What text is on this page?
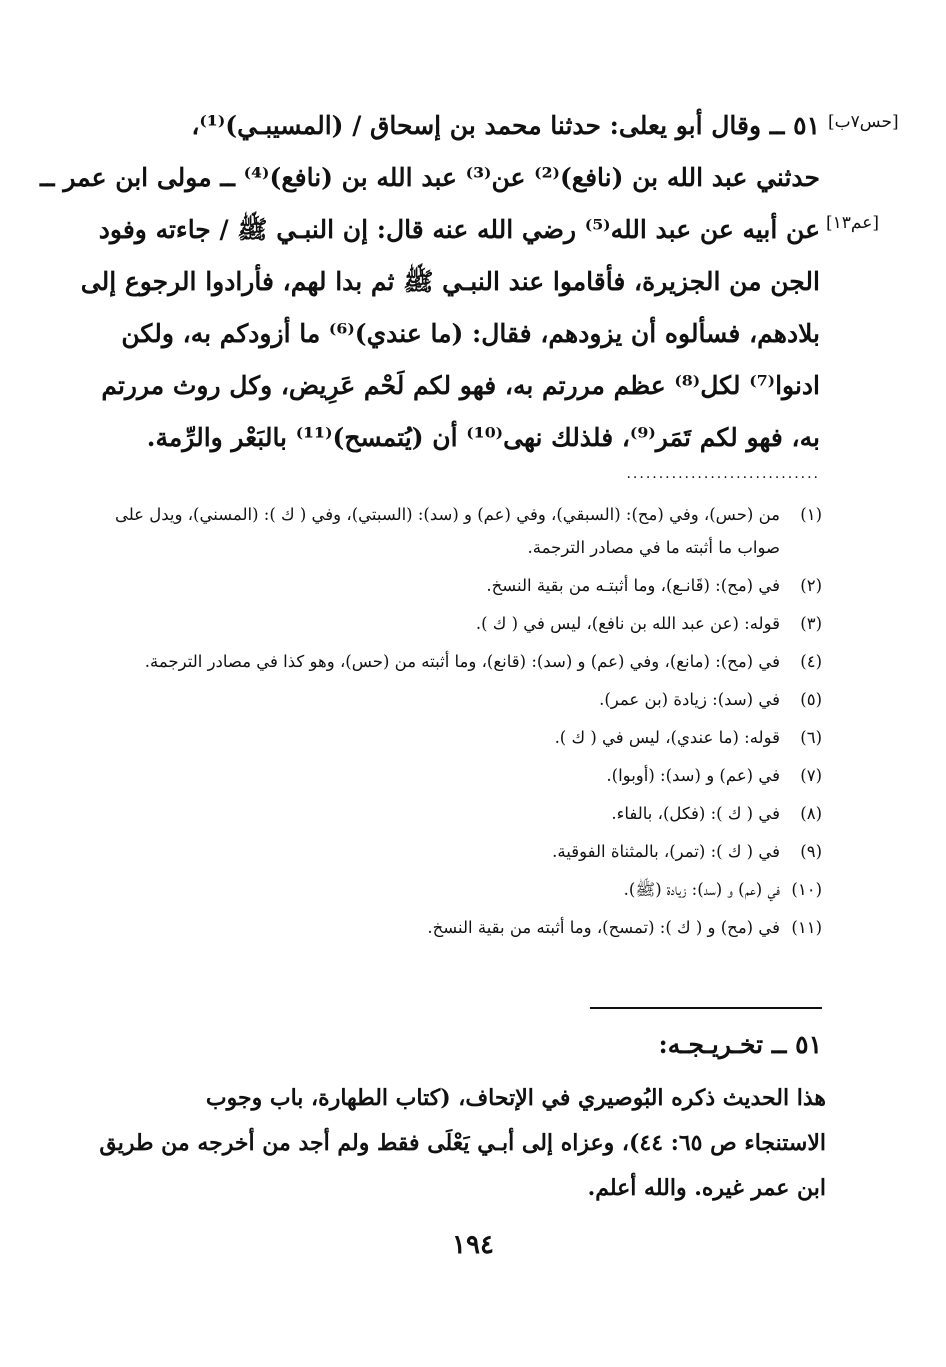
[حس٧ب]
[عم١٣]
٥١ ــ وقال أبو يعلى: حدثنا محمد بن إسحاق / (المسيبـي)⁽¹⁾،
حدثني عبد الله بن (نافع)⁽²⁾ عن⁽³⁾ عبد الله بن (نافع)⁽⁴⁾ ــ مولى ابن عمر ــ
عن أبيه عن عبد الله⁽⁵⁾ رضي الله عنه قال: إن النبـي ﷺ / جاءته وفود
الجن من الجزيرة، فأقاموا عند النبـي ﷺ ثم بدا لهم، فأرادوا الرجوع إلى
بلادهم، فسألوه أن يزودهم، فقال: (ما عندي)⁽⁶⁾ ما أزودكم به، ولكن
ادنوا⁽⁷⁾ لكل⁽⁸⁾ عظم مررتم به، فهو لكم لَحْم عَرِيض، وكل روث مررتم
به، فهو لكم تَمَر⁽⁹⁾، فلذلك نهى⁽¹⁰⁾ أن (يُتمسح)⁽¹¹⁾ بالبَعْر والرِّمة.
..............................
(١)
من (حس)، وفي (مح): (السبقي)، وفي (عم) و (سد): (السبتي)، وفي ( ك ): (المسني)، ويدل على صواب ما أثبته ما في مصادر الترجمة.
(٢)
في (مح): (قَانـع)، وما أثبتـه من بقية النسخ.
(٣)
قوله: (عن عبد الله بن نافع)، ليس في ( ك ).
(٤)
في (مح): (مانع)، وفي (عم) و (سد): (قانع)، وما أثبته من (حس)، وهو كذا في مصادر الترجمة.
(٥)
في (سد): زيادة (بن عمر).
(٦)
قوله: (ما عندي)، ليس في ( ك ).
(٧)
في (عم) و (سد): (أوبوا).
(٨)
في ( ك ): (فكل)، بالفاء.
(٩)
في ( ك ): (تمر)، بالمثناة الفوقية.
(١٠)
في (عم) و (سد): زيادة (ﷺ).
(١١)
في (مح) و ( ك ): (تمسح)، وما أثبته من بقية النسخ.
٥١ ــ تخـريـجـه:
هذا الحديث ذكره البُوصيري في الإتحاف، (كتاب الطهارة، باب وجوب
الاستنجاء ص ٦٥: ٤٤)، وعزاه إلى أبـي يَعْلَى فقط ولم أجد من أخرجه من طريق
ابن عمر غيره. والله أعلم.
١٩٤
